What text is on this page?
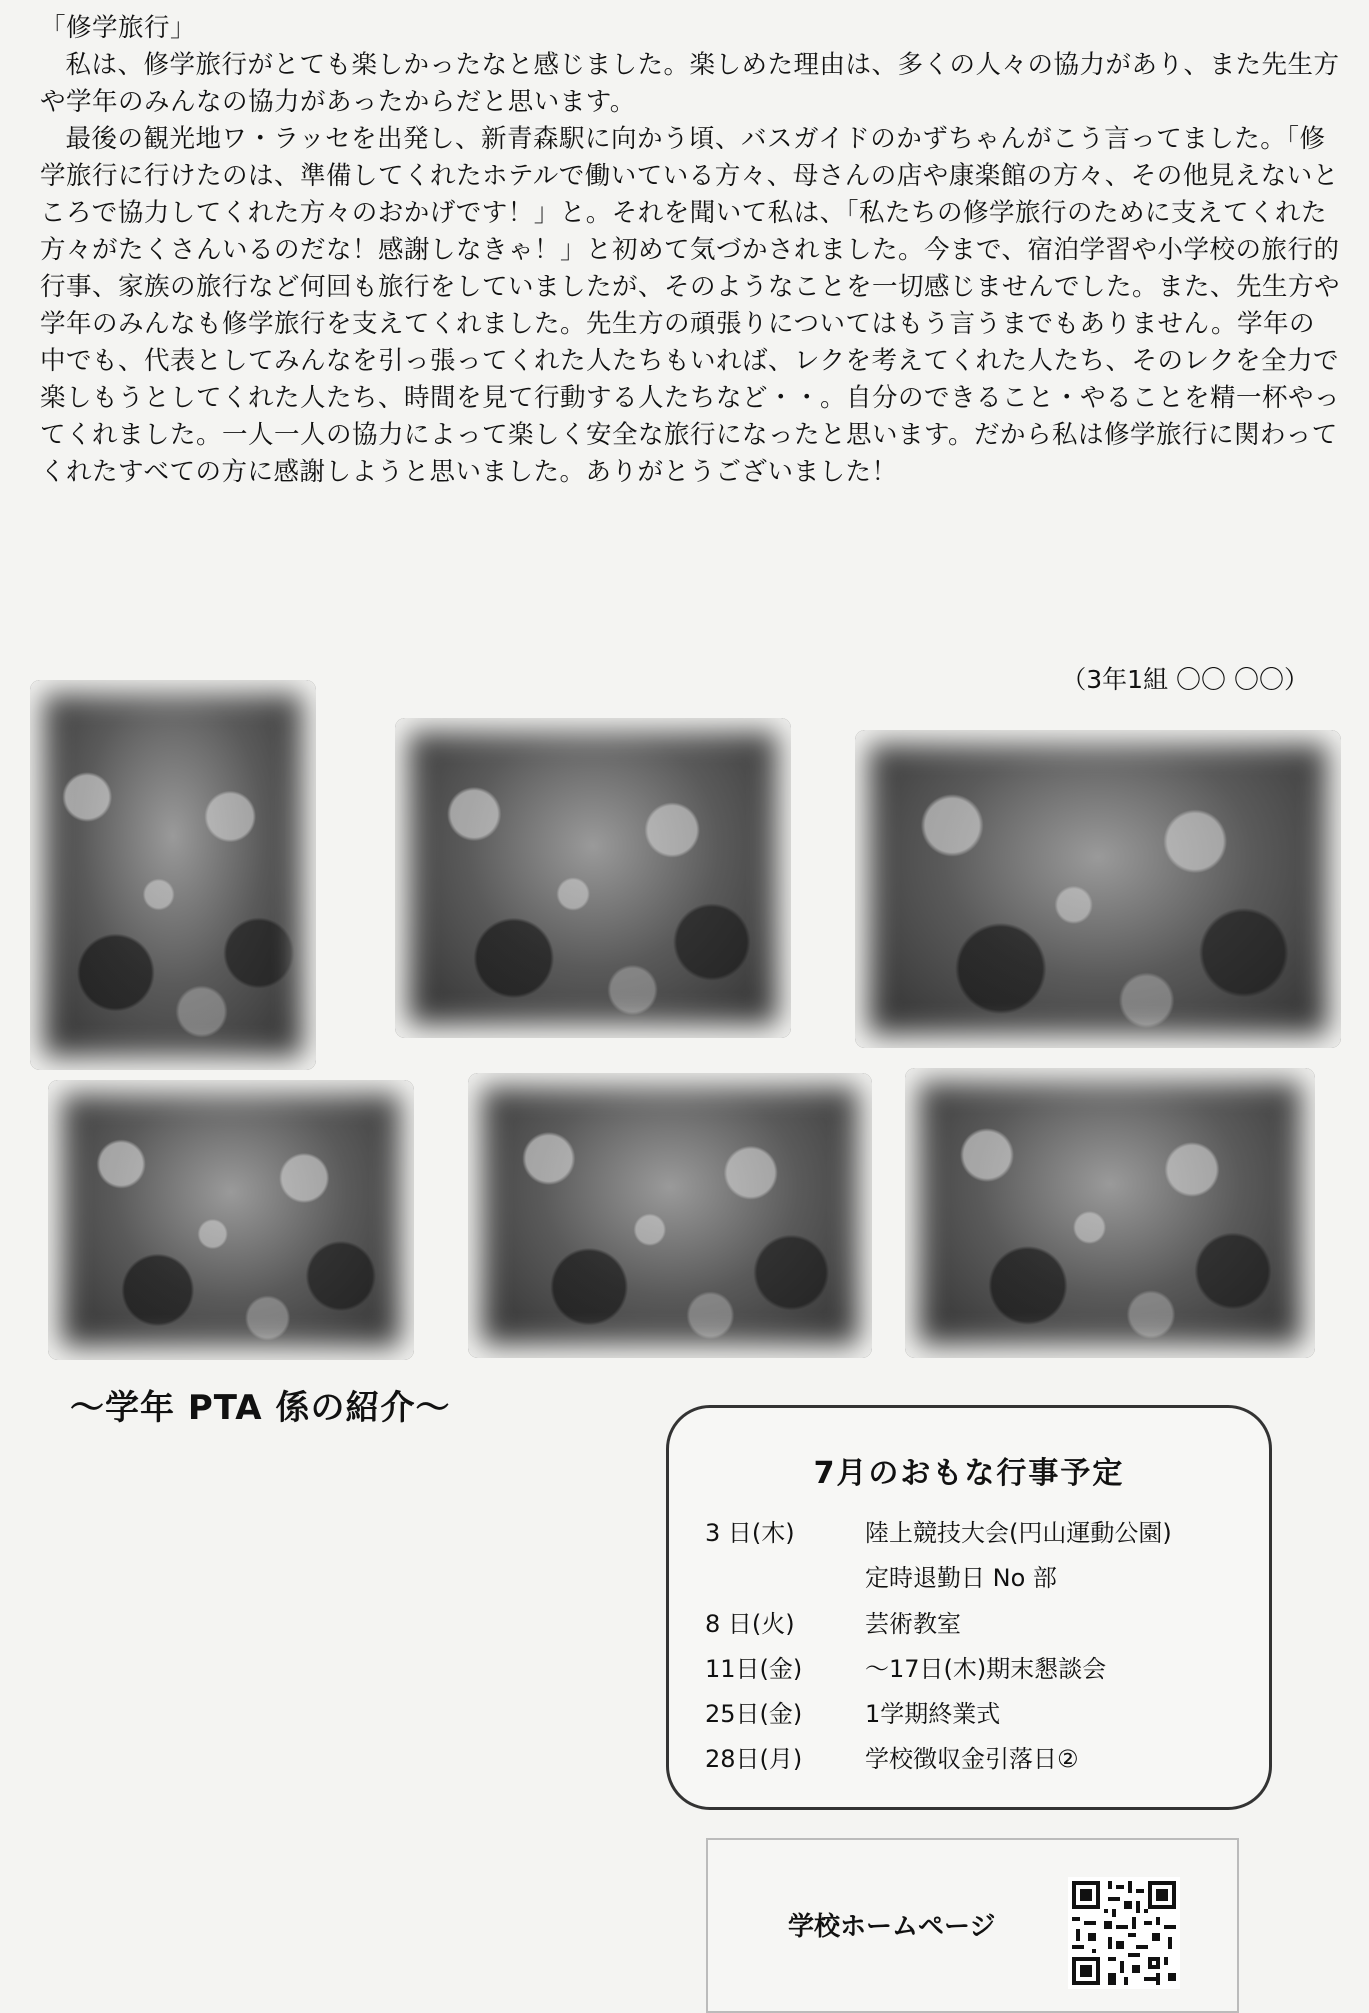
「修学旅行」

私は、修学旅行がとても楽しかったなと感じました。楽しめた理由は、多くの人々の協力があり、また先生方や学年のみんなの協力があったからだと思います。

最後の観光地ワ・ラッセを出発し、新青森駅に向かう頃、バスガイドのかずちゃんがこう言ってました。「修学旅行に行けたのは、準備してくれたホテルで働いている方々、母さんの店や康楽館の方々、その他見えないところで協力してくれた方々のおかげです！」と。それを聞いて私は、「私たちの修学旅行のために支えてくれた方々がたくさんいるのだな！感謝しなきゃ！」と初めて気づかされました。今まで、宿泊学習や小学校の旅行的行事、家族の旅行など何回も旅行をしていましたが、そのようなことを一切感じませんでした。また、先生方や学年のみんなも修学旅行を支えてくれました。先生方の頑張りについてはもう言うまでもありません。学年の中でも、代表としてみんなを引っ張ってくれた人たちもいれば、レクを考えてくれた人たち、そのレクを全力で楽しもうとしてくれた人たち、時間を見て行動する人たちなど・・。自分のできること・やることを精一杯やってくれました。一人一人の協力によって楽しく安全な旅行になったと思います。だから私は修学旅行に関わってくれたすべての方に感謝しようと思いました。ありがとうございました！

（3年1組 〇〇 〇〇）
～学年 PTA 係の紹介～
7月のおもな行事予定
3 日(木)	陸上競技大会(円山運動公園)
定時退勤日 No 部
8 日(火)	芸術教室
11日(金)	～17日(木)期末懇談会
25日(金)	1学期終業式
28日(月)	学校徴収金引落日②
学校ホームページ
